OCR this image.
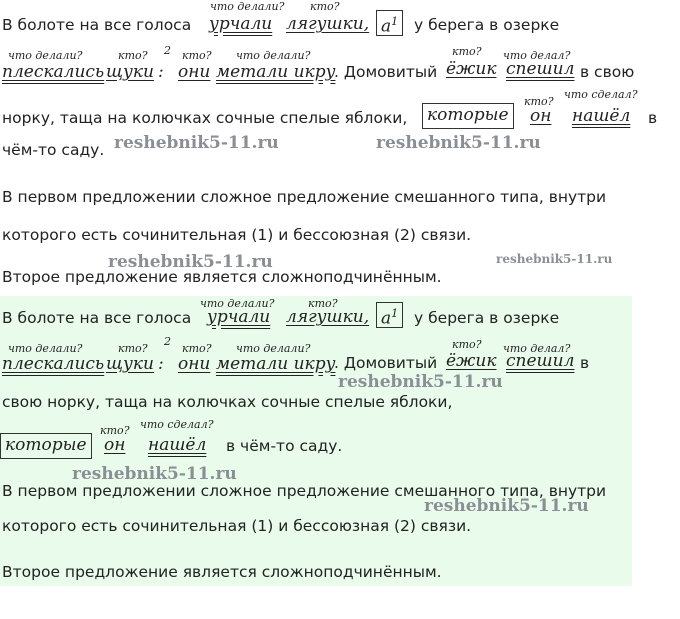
В болоте на все голоса
что делали?
урчали
кто?
лягушки, $а^1$	у берега в озерке
что делали?
плескались
кто?
щуки :
2 кто?
они
что делали?
метали икру
. Домовитый
кто?
ёжик
что делал?
спешил в свою
норку, таща на колючках сочные спелые яблоки, которые
кто?
он
что сделал?
нашёл в
чём-то саду. reshebnik5-11.ru	reshebnik5-11.ru
В первом предложении сложное предложение смешанного типа, внутри
которого есть сочинительная (1) и бессоюзная (2) связи.
reshebnik5-11.ru	reshebnik5-11.ru
Второе предложение является сложноподчинённым.
В болоте на все голоса
что делали?
урчали
кто?
лягушки, $а^1$	у берега в озерке
что делали?
плескались
кто?
щуки :
2
кто?
они
что делали?
метали икру
. Домовитый
кто?
ёжик
что делал?
спешил в
reshebnik5-11.ru
свою норку, таща на колючках сочные спелые яблоки,
которые
кто?
он
что сделал?
нашёл в чём-то саду.
reshebnik5-11.ru
В первом предложении сложное предложение смешанного типа, внутри
reshebnik5-11.ru
которого есть сочинительная (1) и бессоюзная (2) связи.
Второе предложение является сложноподчинённым.
